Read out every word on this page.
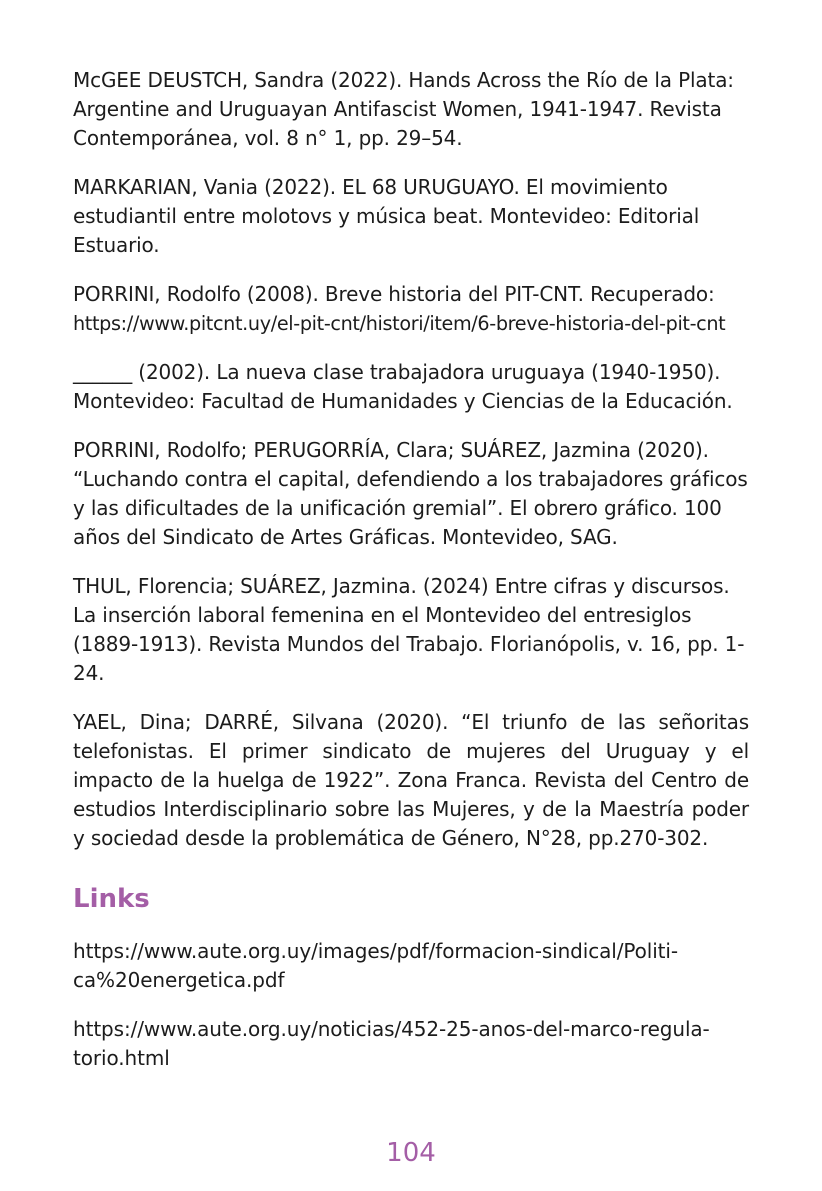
McGEE DEUSTCH, Sandra (2022). Hands Across the Río de la Plata: Argentine and Uruguayan Antifascist Women, 1941-1947. Revista Contemporánea, vol. 8 n° 1, pp. 29–54.

MARKARIAN, Vania (2022). EL 68 URUGUAYO. El movimiento estudiantil entre molotovs y música beat. Montevideo: Editorial Estuario.

PORRINI, Rodolfo (2008). Breve historia del PIT-CNT. Recuperado:
https://www.pitcnt.uy/el-pit-cnt/histori/item/6-breve-historia-del-pit-cnt

______ (2002). La nueva clase trabajadora uruguaya (1940-1950). Montevideo: Facultad de Humanidades y Ciencias de la Educación.

PORRINI, Rodolfo; PERUGORRÍA, Clara; SUÁREZ, Jazmina (2020). “Luchando contra el capital, defendiendo a los trabajadores gráficos y las dificultades de la unificación gremial”. El obrero gráfico. 100 años del Sindicato de Artes Gráficas. Montevideo, SAG.

THUL, Florencia; SUÁREZ, Jazmina. (2024) Entre cifras y discursos. La inserción laboral femenina en el Montevideo del entresiglos (1889-1913). Revista Mundos del Trabajo. Florianópolis, v. 16, pp. 1-24.

YAEL, Dina; DARRÉ, Silvana (2020). “El triunfo de las señoritas telefonistas. El primer sindicato de mujeres del Uruguay y el impacto de la huelga de 1922”. Zona Franca. Revista del Centro de estudios Interdisciplinario sobre las Mujeres, y de la Maestría poder y sociedad desde la problemática de Género, N°28, pp.270-302.

Links

https://www.aute.org.uy/images/pdf/formacion-sindical/Politi-
ca%20energetica.pdf

https://www.aute.org.uy/noticias/452-25-anos-del-marco-regula-
torio.html

104
